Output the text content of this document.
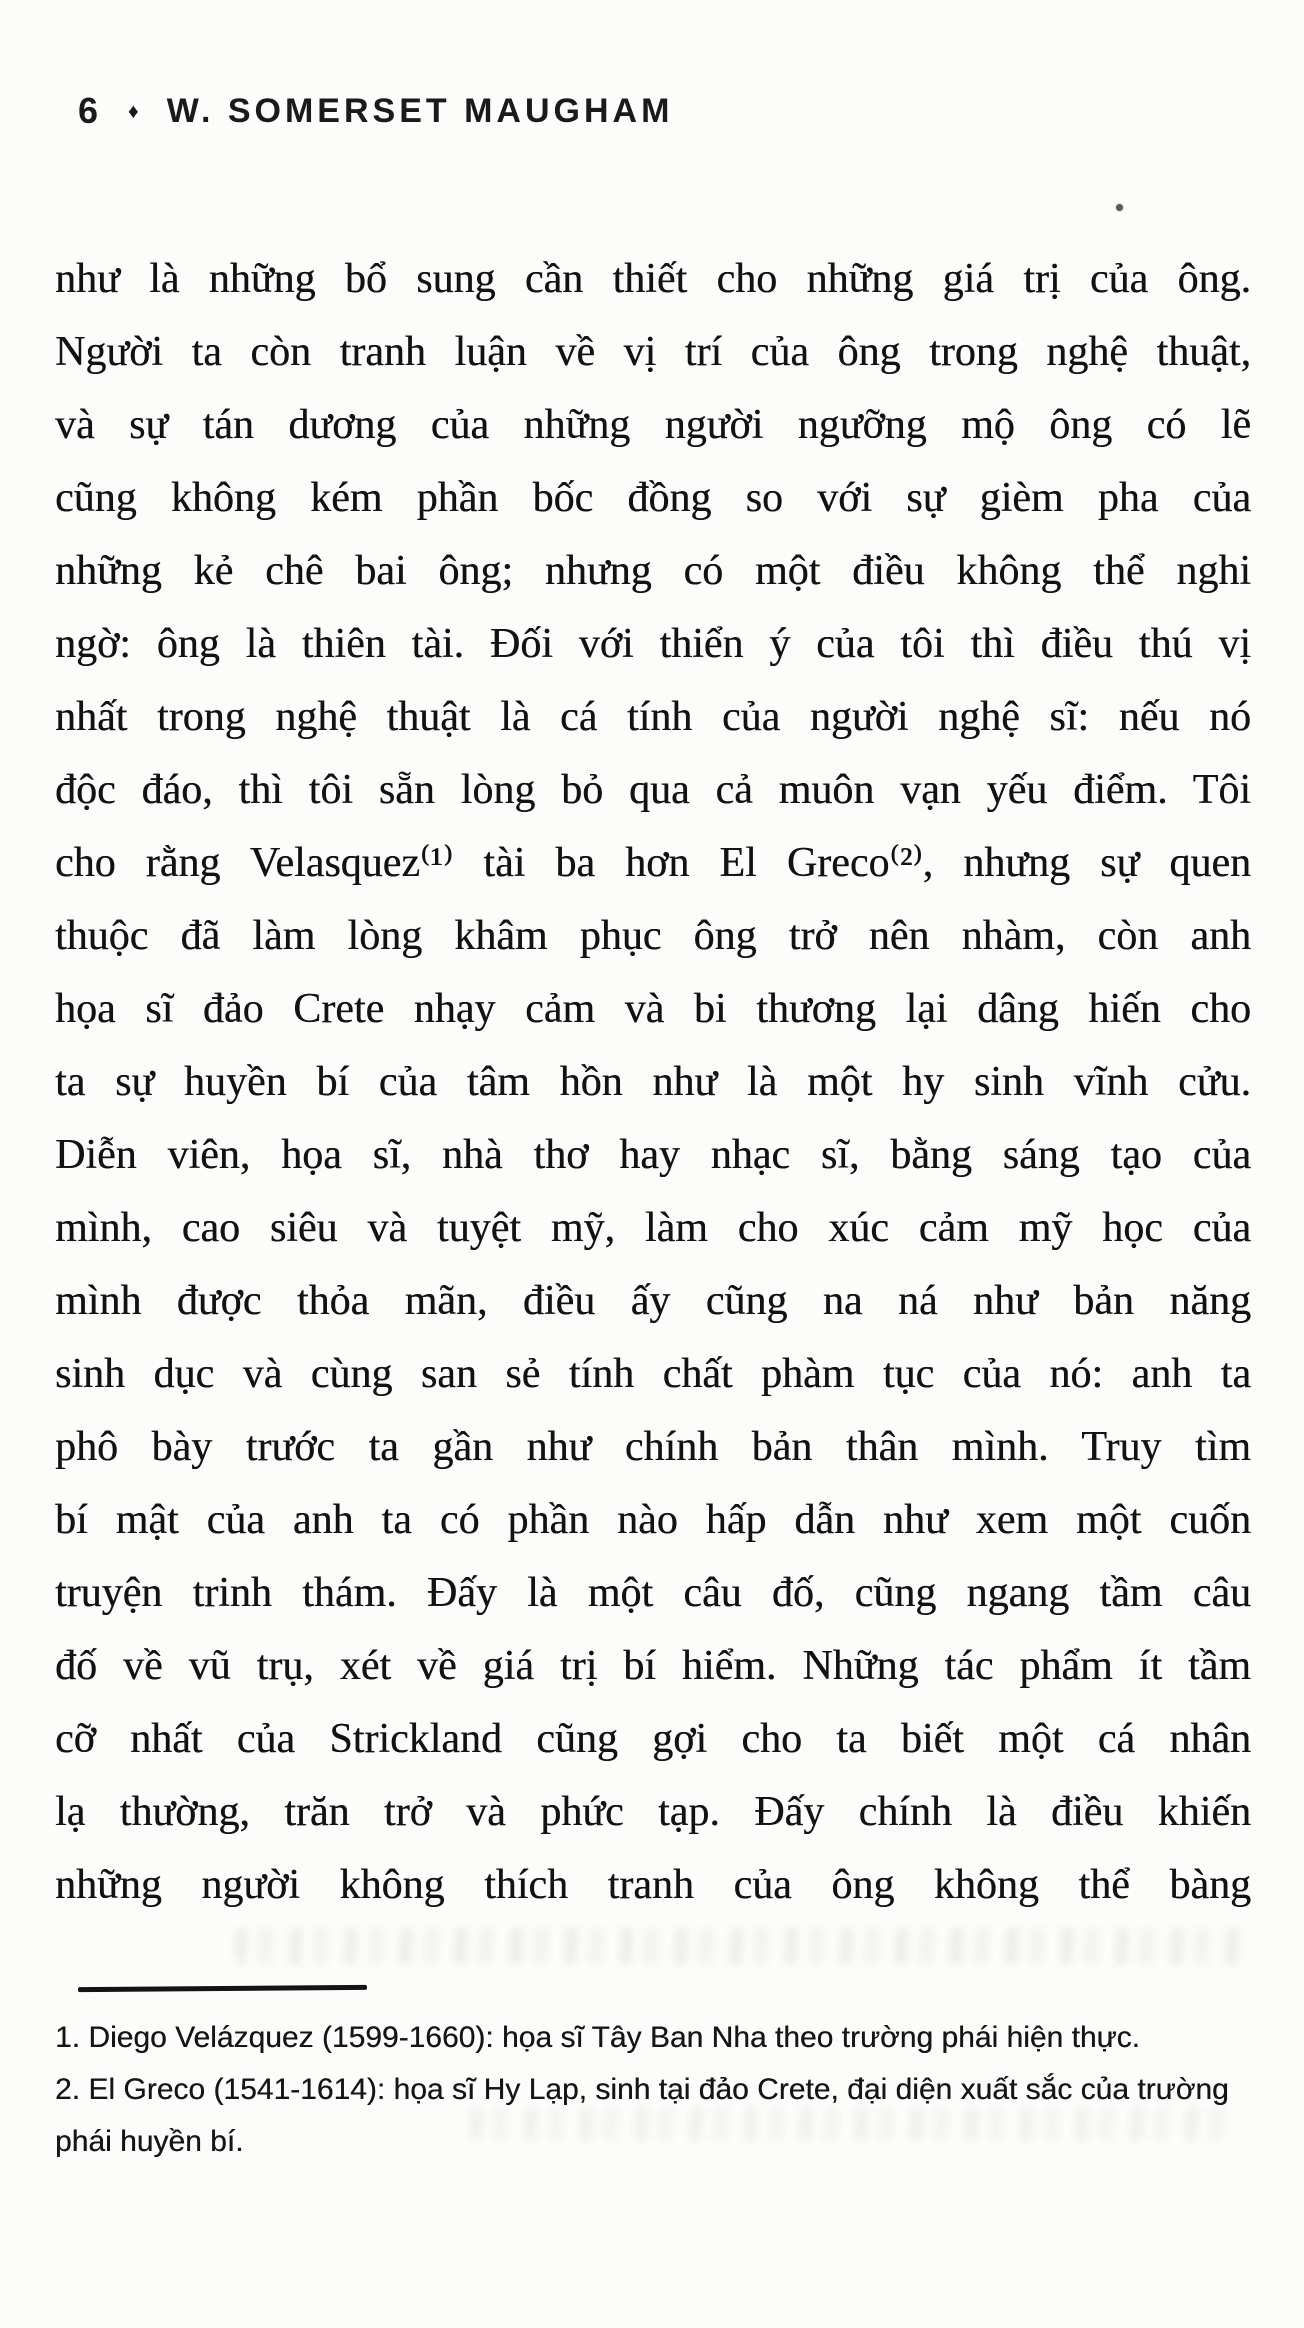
6 ♦ W. SOMERSET MAUGHAM
như là những bổ sung cần thiết cho những giá trị của ông.
Người ta còn tranh luận về vị trí của ông trong nghệ thuật,
và sự tán dương của những người ngưỡng mộ ông có lẽ
cũng không kém phần bốc đồng so với sự gièm pha của
những kẻ chê bai ông; nhưng có một điều không thể nghi
ngờ: ông là thiên tài. Đối với thiển ý của tôi thì điều thú vị
nhất trong nghệ thuật là cá tính của người nghệ sĩ: nếu nó
độc đáo, thì tôi sẵn lòng bỏ qua cả muôn vạn yếu điểm. Tôi
cho rằng Velasquez⁽¹⁾ tài ba hơn El Greco⁽²⁾, nhưng sự quen
thuộc đã làm lòng khâm phục ông trở nên nhàm, còn anh
họa sĩ đảo Crete nhạy cảm và bi thương lại dâng hiến cho
ta sự huyền bí của tâm hồn như là một hy sinh vĩnh cửu.
Diễn viên, họa sĩ, nhà thơ hay nhạc sĩ, bằng sáng tạo của
mình, cao siêu và tuyệt mỹ, làm cho xúc cảm mỹ học của
mình được thỏa mãn, điều ấy cũng na ná như bản năng
sinh dục và cùng san sẻ tính chất phàm tục của nó: anh ta
phô bày trước ta gần như chính bản thân mình. Truy tìm
bí mật của anh ta có phần nào hấp dẫn như xem một cuốn
truyện trinh thám. Đấy là một câu đố, cũng ngang tầm câu
đố về vũ trụ, xét về giá trị bí hiểm. Những tác phẩm ít tầm
cỡ nhất của Strickland cũng gợi cho ta biết một cá nhân
lạ thường, trăn trở và phức tạp. Đấy chính là điều khiến
những người không thích tranh của ông không thể bàng
1. Diego Velázquez (1599-1660): họa sĩ Tây Ban Nha theo trường phái hiện thực.
2. El Greco (1541-1614): họa sĩ Hy Lạp, sinh tại đảo Crete, đại diện xuất sắc của trường phái huyền bí.
